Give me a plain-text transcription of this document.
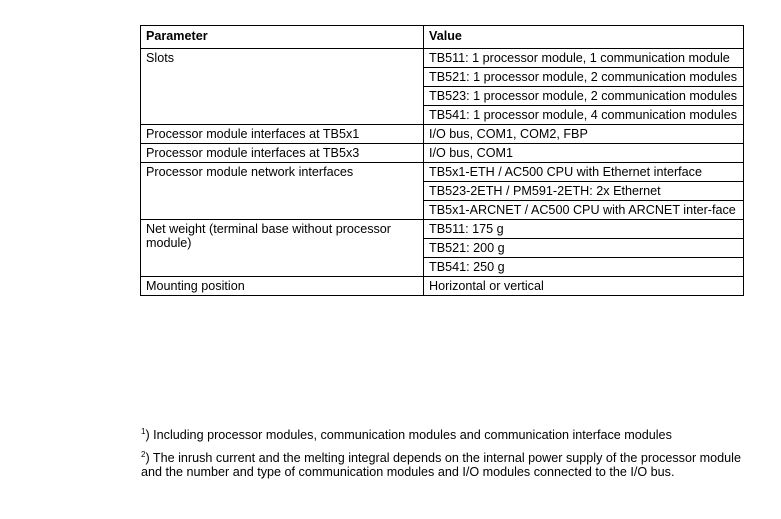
Parameter	Value
Slots	TB511: 1 processor module, 1 communication module
	TB521: 1 processor module, 2 communication modules
	TB523: 1 processor module, 2 communication modules
	TB541: 1 processor module, 4 communication modules
Processor module interfaces at TB5x1	I/O bus, COM1, COM2, FBP
Processor module interfaces at TB5x3	I/O bus, COM1
Processor module network interfaces	TB5x1-ETH / AC500 CPU with Ethernet interface
	TB523-2ETH / PM591-2ETH: 2x Ethernet
	TB5x1-ARCNET / AC500 CPU with ARCNET inter-face
Net weight (terminal base without processor module)	TB511: 175 g
	TB521: 200 g
	TB541: 250 g
Mounting position	Horizontal or vertical

$^1$) Including processor modules, communication modules and communication interface modules

$^2$) The inrush current and the melting integral depends on the internal power supply of the processor module and the number and type of communication modules and I/O modules connected to the I/O bus.
